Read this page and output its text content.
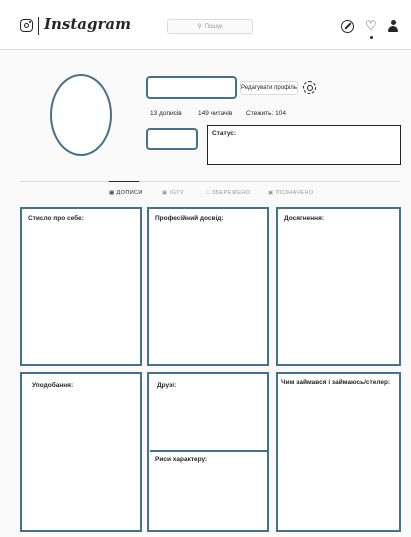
Instagram	⚲ Пошук	♡
Редагувати профіль
13 дописів	149 читачів Стежить: 104
Статус:
▦ ДОПИСИ	▣ IGTV	□ ЗБЕРЕЖЕНО	▣ ПОЗНАЧЕНО
Стисло про себе:	Професійний досвід:	Досягнення:
Уподобання:	Друзі:
Риси характеру:
Чим займався і займаюсь/стелер:
